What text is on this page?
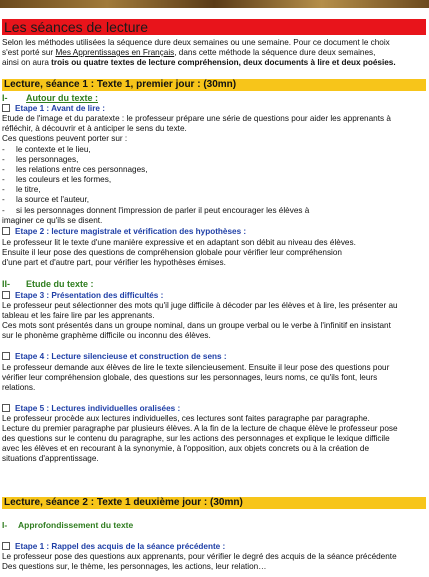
Les séances de lecture
Selon les méthodes utilisées la séquence dure deux semaines ou une semaine. Pour ce document le choix
s'est porté sur Mes Apprentissages en Français, dans cette méthode la séquence dure deux semaines,
ainsi on aura trois ou quatre textes de lecture compréhension, deux documents à lire et deux poésies.
Lecture, séance 1 : Texte 1, premier jour : (30mn)
I- Autour du texte :
Etape 1 : Avant de lire :
Etude de l'image et du paratexte : le professeur prépare une série de questions pour aider les apprenants à
réfléchir, à découvrir et à anticiper le sens du texte.
Ces questions peuvent porter sur :
- le contexte et le lieu,
- les personnages,
- les relations entre ces personnages,
- les couleurs et les formes,
- le titre,
- la source et l'auteur,
- si les personnages donnent l'impression de parler il peut encourager les élèves à
imaginer ce qu'ils se disent.
Etape 2 : lecture magistrale et vérification des hypothèses :
Le professeur lit le texte d'une manière expressive et en adaptant son débit au niveau des élèves.
Ensuite il leur pose des questions de compréhension globale pour vérifier leur compréhension
d'une part et d'autre part, pour vérifier les hypothèses émises.
II- Etude du texte :
Etape 3 : Présentation des difficultés :
Le professeur peut sélectionner des mots qu'il juge difficile à décoder par les élèves et à lire, les présenter au
tableau et les faire lire par les apprenants.
Ces mots sont présentés dans un groupe nominal, dans un groupe verbal ou le verbe à l'infinitif en insistant
sur le phonème graphème difficile ou inconnu des élèves.
Etape 4 : Lecture silencieuse et construction de sens :
Le professeur demande aux élèves de lire le texte silencieusement. Ensuite il leur pose des questions pour
vérifier leur compréhension globale, des questions sur les personnages, leurs noms, ce qu'ils font, leurs
relations.
Etape 5 : Lectures individuelles oralisées :
Le professeur procède aux lectures individuelles, ces lectures sont faites paragraphe par paragraphe.
Lecture du premier paragraphe par plusieurs élèves. A la fin de la lecture de chaque élève le professeur pose
des questions sur le contenu du paragraphe, sur les actions des personnages et explique le lexique difficile
avec les élèves et en recourant à la synonymie, à l'opposition, aux objets concrets ou à la création de
situations d'apprentissage.
Lecture, séance 2 : Texte 1 deuxième jour : (30mn)
I- Approfondissement du texte
Etape 1 : Rappel des acquis de la séance précédente :
Le professeur pose des questions aux apprenants, pour vérifier le degré des acquis de la séance précédente
Des questions sur, le thème, les personnages, les actions, leur relation…
